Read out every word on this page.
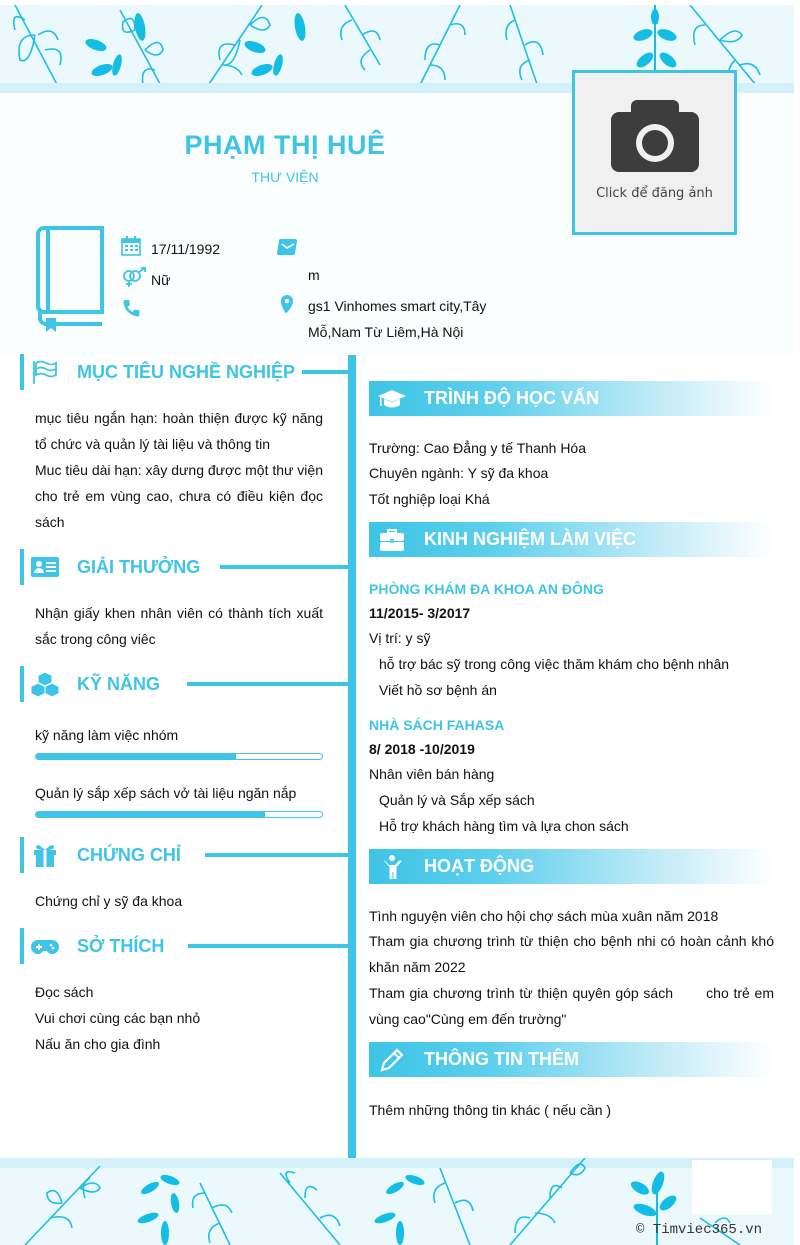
PHẠM THỊ HUÊ
THƯ VIỆN
Click để đăng ảnh
17/11/1992
Nữ	m
gs1 Vinhomes smart city,Tây
Mỗ,Nam Từ Liêm,Hà Nội
MỤC TIÊU NGHỀ NGHIỆP
mục tiêu ngắn hạn: hoàn thiện được kỹ năng tổ chức và quản lý tài liệu và thông tin
Muc tiêu dài hạn: xây dưng được một thư viện cho trẻ em vùng cao, chưa có điều kiện đọc sách
GIẢI THƯỞNG
Nhận giấy khen nhân viên có thành tích xuất sắc trong công viêc
KỸ NĂNG
kỹ năng làm việc nhóm
Quản lý sắp xếp sách vở tài liệu ngăn nắp
CHỨNG CHỈ
Chứng chỉ y sỹ đa khoa
SỞ THÍCH
Đọc sách
Vui chơi cùng các bạn nhỏ
Nấu ăn cho gia đình
TRÌNH ĐỘ HỌC VẤN
Trường: Cao Đẳng y tế Thanh Hóa
Chuyên ngành: Y sỹ đa khoa
Tốt nghiệp loại Khá
KINH NGHIỆM LÀM VIỆC
PHÒNG KHÁM ĐA KHOA AN ĐÔNG
11/2015- 3/2017
Vị trí: y sỹ
hỗ trợ bác sỹ trong công việc thăm khám cho bệnh nhân
Viết hồ sơ bệnh án
NHÀ SÁCH FAHASA
8/ 2018 -10/2019
Nhân viên bán hàng
Quản lý và Sắp xếp sách
Hỗ trợ khách hàng tìm và lựa chon sách
HOẠT ĐỘNG
Tình nguyện viên cho hội chợ sách mùa xuân năm 2018
Tham gia chương trình từ thiện cho bệnh nhi có hoàn cảnh khó khăn năm 2022
Tham gia chương trình từ thiện quyên góp sách       cho trẻ em vùng cao"Cùng em đến trường"
THÔNG TIN THÊM
Thêm những thông tin khác ( nếu cần )
© Timviec365.vn
